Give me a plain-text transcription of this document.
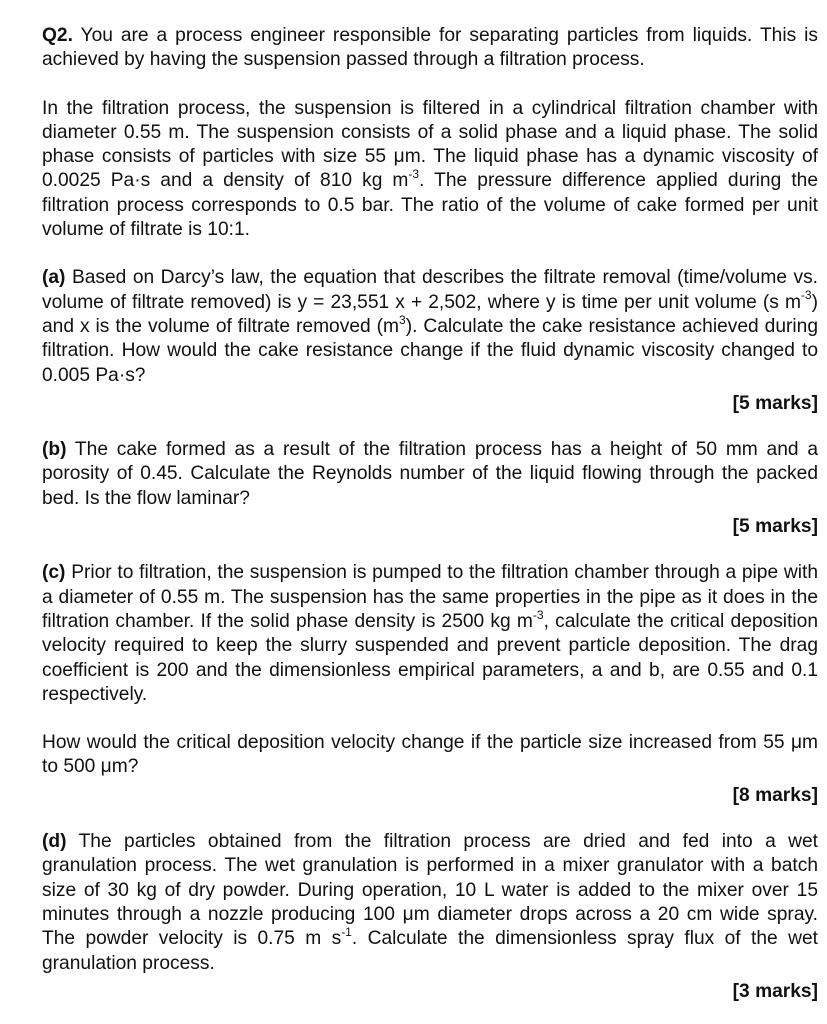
Q2. You are a process engineer responsible for separating particles from liquids. This is achieved by having the suspension passed through a filtration process.

In the filtration process, the suspension is filtered in a cylindrical filtration chamber with diameter 0.55 m. The suspension consists of a solid phase and a liquid phase. The solid phase consists of particles with size 55 μm. The liquid phase has a dynamic viscosity of 0.0025 Pa·s and a density of 810 kg $m^{-3}$. The pressure difference applied during the filtration process corresponds to 0.5 bar. The ratio of the volume of cake formed per unit volume of filtrate is 10:1.

(a) Based on Darcy’s law, the equation that describes the filtrate removal (time/volume vs. volume of filtrate removed) is y = 23,551 x + 2,502, where y is time per unit volume (s $m^{-3}$) and x is the volume of filtrate removed $(m^3)$. Calculate the cake resistance achieved during filtration. How would the cake resistance change if the fluid dynamic viscosity changed to 0.005 Pa·s?

[5 marks]

(b) The cake formed as a result of the filtration process has a height of 50 mm and a porosity of 0.45. Calculate the Reynolds number of the liquid flowing through the packed bed. Is the flow laminar?

[5 marks]

(c) Prior to filtration, the suspension is pumped to the filtration chamber through a pipe with a diameter of 0.55 m. The suspension has the same properties in the pipe as it does in the filtration chamber. If the solid phase density is 2500 kg $m^{-3}$, calculate the critical deposition velocity required to keep the slurry suspended and prevent particle deposition. The drag coefficient is 200 and the dimensionless empirical parameters, a and b, are 0.55 and 0.1 respectively.

How would the critical deposition velocity change if the particle size increased from 55 μm to 500 μm?

[8 marks]

(d) The particles obtained from the filtration process are dried and fed into a wet granulation process. The wet granulation is performed in a mixer granulator with a batch size of 30 kg of dry powder. During operation, 10 L water is added to the mixer over 15 minutes through a nozzle producing 100 μm diameter drops across a 20 cm wide spray. The powder velocity is 0.75 m $s^{-1}$. Calculate the dimensionless spray flux of the wet granulation process.

[3 marks]
